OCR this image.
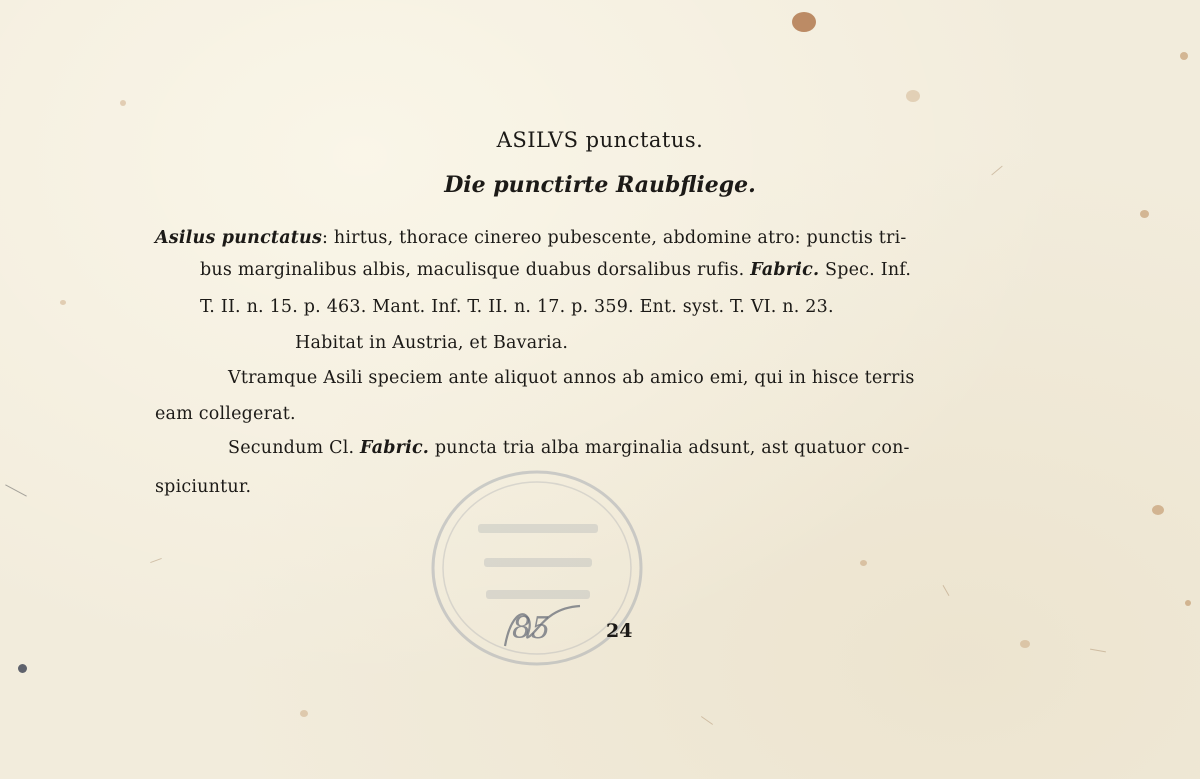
85
ASILVS punctatus.
Die punctirte Raubfliege.
Asilus punctatus: hirtus, thorace cinereo pubescente, abdomine atro: punctis tri-
bus marginalibus albis, maculisque duabus dorsalibus rufis. Fabric. Spec. Inf.
T. II. n. 15. p. 463. Mant. Inf. T. II. n. 17. p. 359. Ent. syst. T. VI. n. 23.
Habitat in Austria, et Bavaria.
Vtramque Asili speciem ante aliquot annos ab amico emi, qui in hisce terris
eam collegerat.
Secundum Cl. Fabric. puncta tria alba marginalia adsunt, ast quatuor con-
spiciuntur.
24
